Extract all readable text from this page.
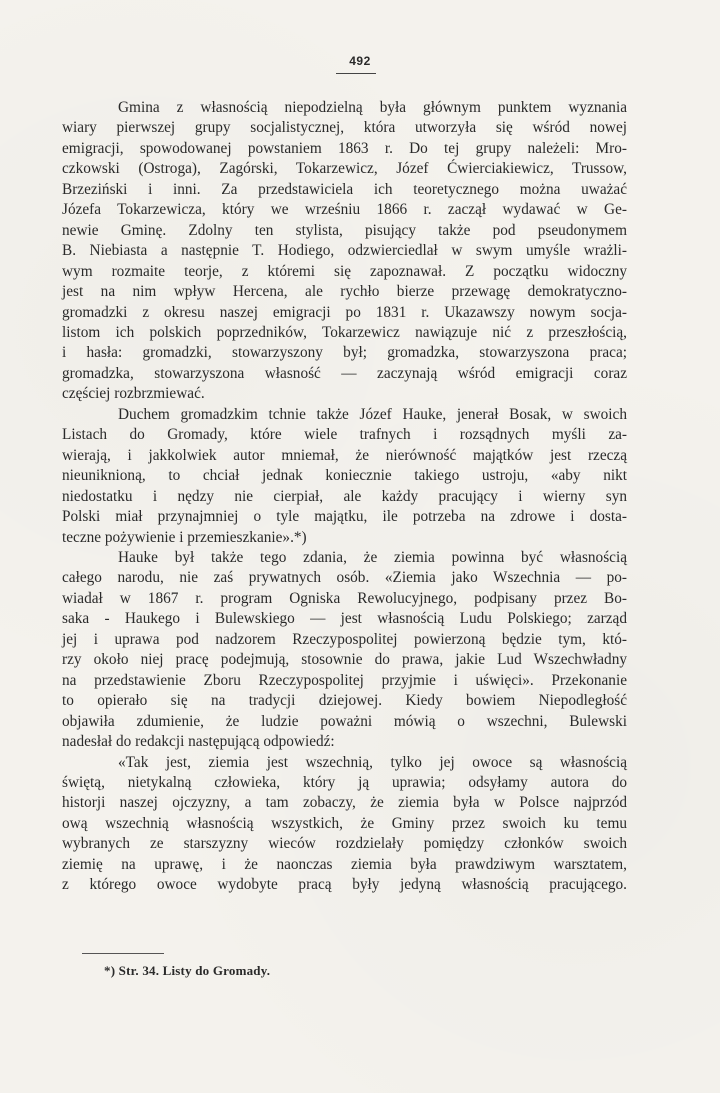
492
Gmina z własnością niepodzielną była głównym punktem wyznania
wiary pierwszej grupy socjalistycznej, która utworzyła się wśród nowej
emigracji, spowodowanej powstaniem 1863 r. Do tej grupy należeli: Mro-
czkowski (Ostroga), Zagórski, Tokarzewicz, Józef Ćwierciakiewicz, Trussow,
Brzeziński i inni. Za przedstawiciela ich teoretycznego można uważać
Józefa Tokarzewicza, który we wrześniu 1866 r. zaczął wydawać w Ge-
newie Gminę. Zdolny ten stylista, pisujący także pod pseudonymem
B. Niebiasta a następnie T. Hodiego, odzwierciedlał w swym umyśle wrażli-
wym rozmaite teorje, z któremi się zapoznawał. Z początku widoczny
jest na nim wpływ Hercena, ale rychło bierze przewagę demokratyczno-
gromadzki z okresu naszej emigracji po 1831 r. Ukazawszy nowym socja-
listom ich polskich poprzedników, Tokarzewicz nawiązuje nić z przeszłością,
i hasła: gromadzki, stowarzyszony był; gromadzka, stowarzyszona praca;
gromadzka, stowarzyszona własność — zaczynają wśród emigracji coraz
częściej rozbrzmiewać.
Duchem gromadzkim tchnie także Józef Hauke, jenerał Bosak, w swoich
Listach do Gromady, które wiele trafnych i rozsądnych myśli za-
wierają, i jakkolwiek autor mniemał, że nierówność majątków jest rzeczą
nieuniknioną, to chciał jednak koniecznie takiego ustroju, «aby nikt
niedostatku i nędzy nie cierpiał, ale każdy pracujący i wierny syn
Polski miał przynajmniej o tyle majątku, ile potrzeba na zdrowe i dosta-
teczne pożywienie i przemieszkanie».*)
Hauke był także tego zdania, że ziemia powinna być własnością
całego narodu, nie zaś prywatnych osób. «Ziemia jako Wszechnia — po-
wiadał w 1867 r. program Ogniska Rewolucyjnego, podpisany przez Bo-
saka - Haukego i Bulewskiego — jest własnością Ludu Polskiego; zarząd
jej i uprawa pod nadzorem Rzeczypospolitej powierzoną będzie tym, któ-
rzy około niej pracę podejmują, stosownie do prawa, jakie Lud Wszechwładny
na przedstawienie Zboru Rzeczypospolitej przyjmie i uświęci». Przekonanie
to opierało się na tradycji dziejowej. Kiedy bowiem Niepodległość
objawiła zdumienie, że ludzie poważni mówią o wszechni, Bulewski
nadesłał do redakcji następującą odpowiedź:
«Tak jest, ziemia jest wszechnią, tylko jej owoce są własnością
świętą, nietykalną człowieka, który ją uprawia; odsyłamy autora do
historji naszej ojczyzny, a tam zobaczy, że ziemia była w Polsce najprzód
ową wszechnią własnością wszystkich, że Gminy przez swoich ku temu
wybranych ze starszyzny wieców rozdzielały pomiędzy członków swoich
ziemię na uprawę, i że naonczas ziemia była prawdziwym warsztatem,
z którego owoce wydobyte pracą były jedyną własnością pracującego.
*) Str. 34. Listy do Gromady.
